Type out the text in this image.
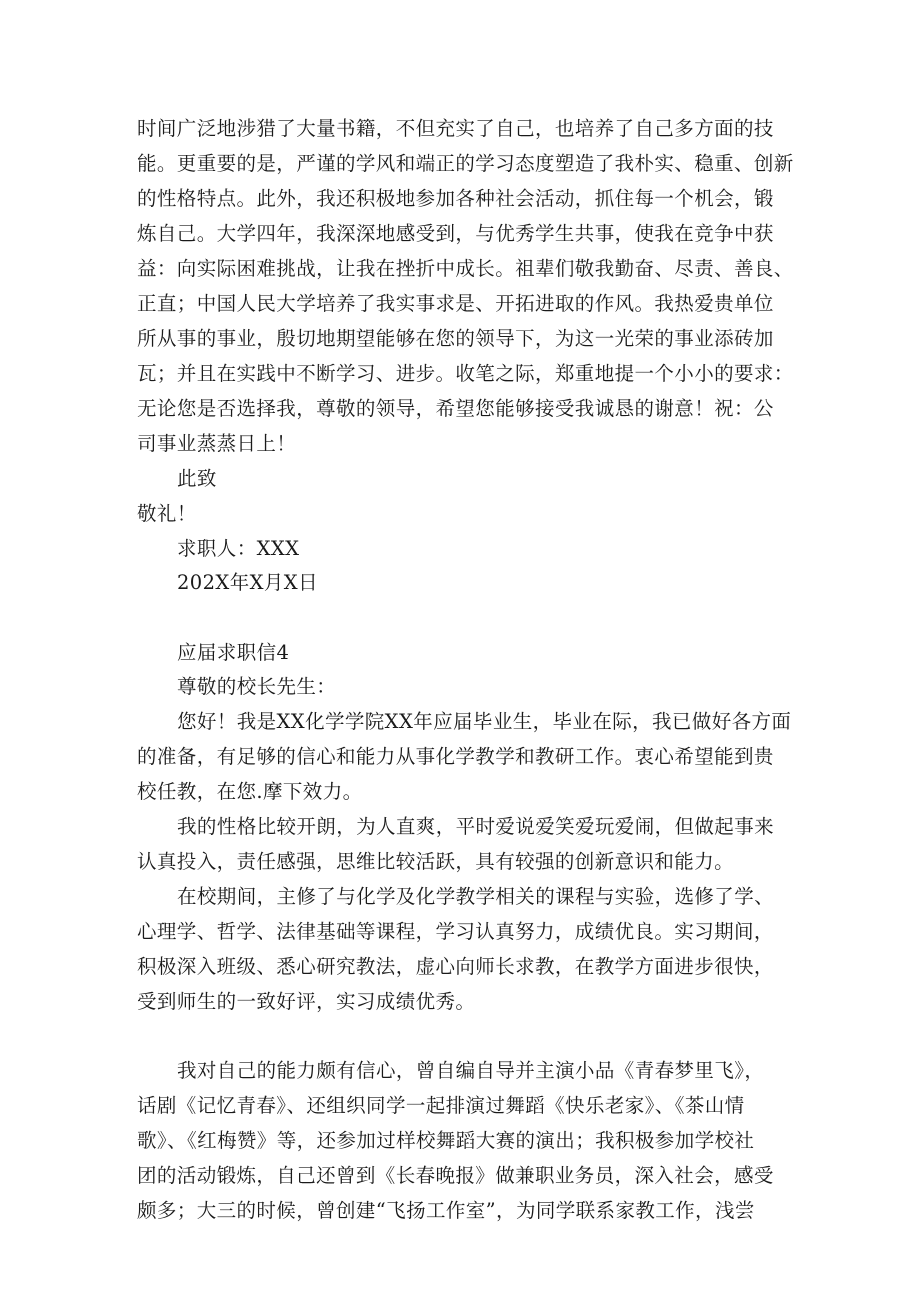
时间广泛地涉猎了大量书籍，不但充实了自己，也培养了自己多方面的技
能。更重要的是，严谨的学风和端正的学习态度塑造了我朴实、稳重、创新
的性格特点。此外，我还积极地参加各种社会活动，抓住每一个机会，锻
炼自己。大学四年，我深深地感受到，与优秀学生共事，使我在竞争中获
益：向实际困难挑战，让我在挫折中成长。祖辈们敬我勤奋、尽责、善良、
正直；中国人民大学培养了我实事求是、开拓进取的作风。我热爱贵单位
所从事的事业，殷切地期望能够在您的领导下，为这一光荣的事业添砖加
瓦；并且在实践中不断学习、进步。收笔之际，郑重地提一个小小的要求：
无论您是否选择我，尊敬的领导，希望您能够接受我诚恳的谢意！祝：公
司事业蒸蒸日上！
此致
敬礼！
求职人：XXX
202X年X月X日
应届求职信4
尊敬的校长先生：
您好！我是XX化学学院XX年应届毕业生，毕业在际，我已做好各方面
的准备，有足够的信心和能力从事化学教学和教研工作。衷心希望能到贵
校任教，在您.摩下效力。
我的性格比较开朗，为人直爽，平时爱说爱笑爱玩爱闹，但做起事来
认真投入，责任感强，思维比较活跃，具有较强的创新意识和能力。
在校期间，主修了与化学及化学教学相关的课程与实验，选修了学、
心理学、哲学、法律基础等课程，学习认真努力，成绩优良。实习期间，
积极深入班级、悉心研究教法，虚心向师长求教，在教学方面进步很快，
受到师生的一致好评，实习成绩优秀。
我对自己的能力颇有信心，曾自编自导并主演小品《青春梦里飞》，
话剧《记忆青春》、还组织同学一起排演过舞蹈《快乐老家》、《茶山情
歌》、《红梅赞》等，还参加过样校舞蹈大赛的演出；我积极参加学校社
团的活动锻炼，自己还曾到《长春晚报》做兼职业务员，深入社会，感受
颇多；大三的时候，曾创建“飞扬工作室”，为同学联系家教工作，浅尝
